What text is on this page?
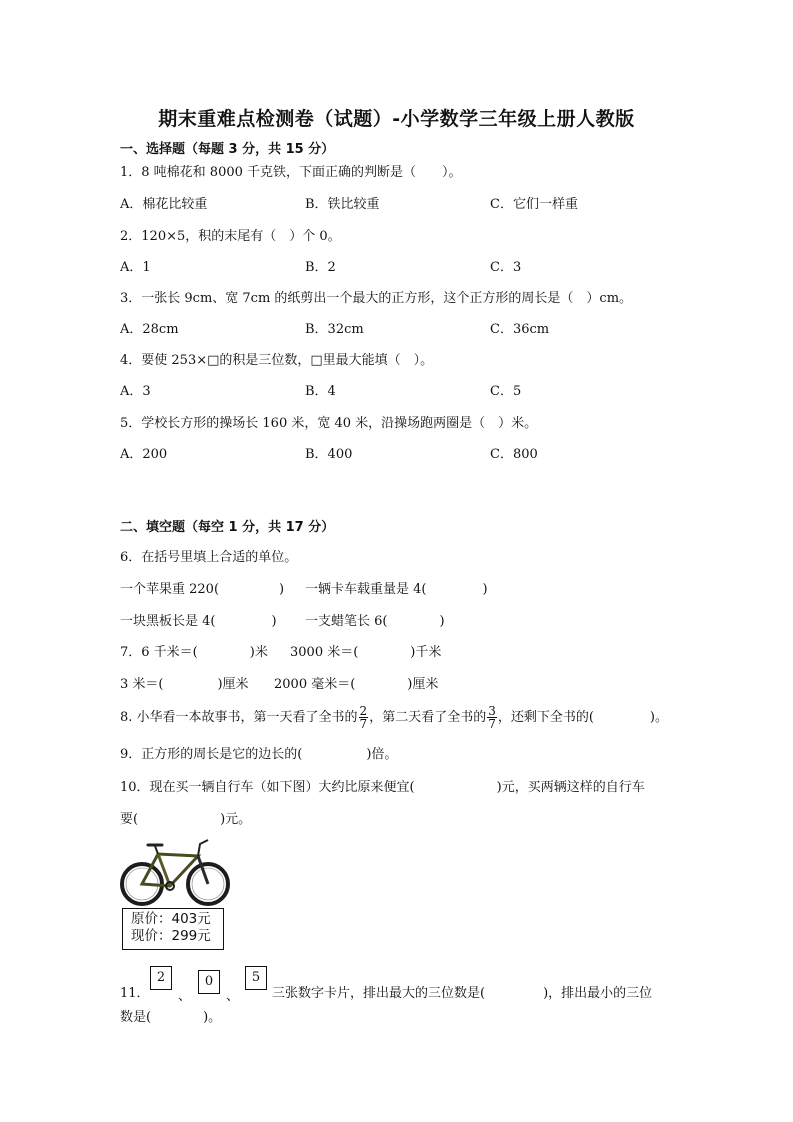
期末重难点检测卷（试题）-小学数学三年级上册人教版
一、选择题（每题 3 分，共 15 分）
1．8 吨棉花和 8000 千克铁，下面正确的判断是（　　）。
A．棉花比较重	B．铁比较重	C．它们一样重
2．120×5，积的末尾有（　）个 0。
A．1	B．2	C．3
3．一张长 9cm、宽 7cm 的纸剪出一个最大的正方形，这个正方形的周长是（　）cm。
A．28cm	B．32cm	C．36cm
4．要使 253×□的积是三位数，□里最大能填（　）。
A．3	B．4	C．5
5．学校长方形的操场长 160 米，宽 40 米，沿操场跑两圈是（　）米。
A．200	B．400	C．800
二、填空题（每空 1 分，共 17 分）
6．在括号里填上合适的单位。
一个苹果重 220(	) 一辆卡车载重量是 4(	)
一块黑板长是 4(	) 一支蜡笔长 6(	)
7．6 千米＝(	)米 3000 米＝(	)千米
3 米＝(	)厘米 2000 毫米＝(	)厘米
8. 小华看一本故事书，第一天看了全书的 $\frac{2}{7}$ ，第二天看了全书的 $\frac{3}{7}$ ，还剩下全书的(	)。
9．正方形的周长是它的边长的(	)倍。
10．现在买一辆自行车（如下图）大约比原来便宜(	)元，买两辆这样的自行车
要(	)元。
原价：403元
现价：299元
11．
2
、
0
、
5
三张数字卡片，排出最大的三位数是(	)，排出最小的三位
数是(	)。
